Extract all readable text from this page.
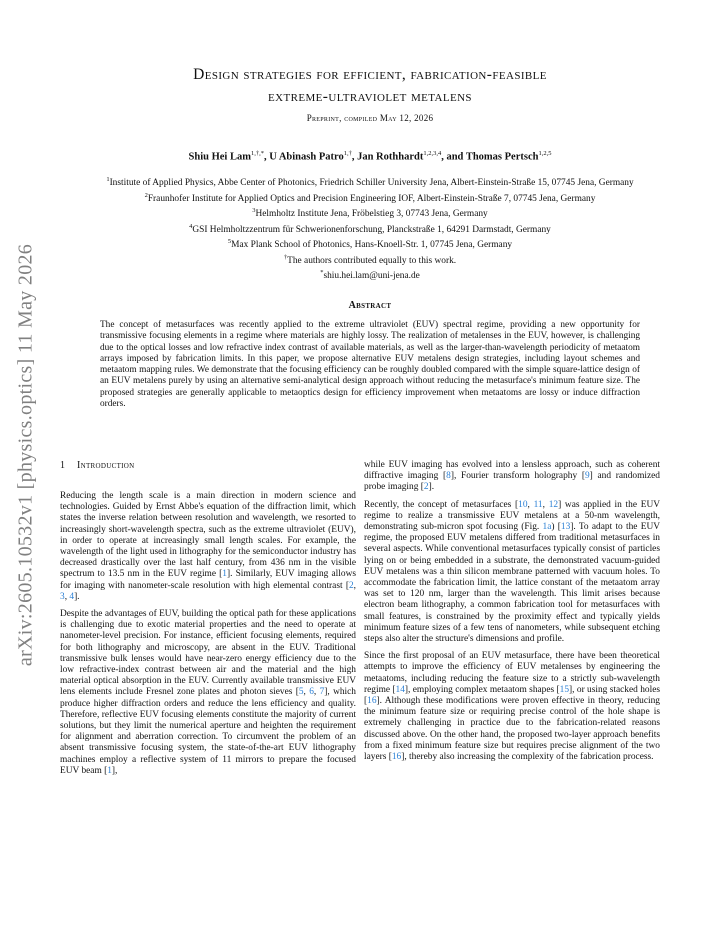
arXiv:2605.10532v1 [physics.optics] 11 May 2026
Design strategies for efficient, fabrication-feasible
extreme-ultraviolet metalens
Preprint, compiled May 12, 2026
Shiu Hei Lam$^{1,\dagger,*}$, U Abinash Patro$^{1,\dagger}$, Jan Rothhardt$^{1,2,3,4}$, and Thomas Pertsch$^{1,2,5}$
$^1$Institute of Applied Physics, Abbe Center of Photonics, Friedrich Schiller University Jena, Albert-Einstein-Straße 15, 07745 Jena, Germany
$^2$Fraunhofer Institute for Applied Optics and Precision Engineering IOF, Albert-Einstein-Straße 7, 07745 Jena, Germany
$^3$Helmholtz Institute Jena, Fröbelstieg 3, 07743 Jena, Germany
$^4$GSI Helmholtzzentrum für Schwerionenforschung, Planckstraße 1, 64291 Darmstadt, Germany
$^5$Max Plank School of Photonics, Hans-Knoell-Str. 1, 07745 Jena, Germany
†The authors contributed equally to this work.
*shiu.hei.lam@uni-jena.de
Abstract
The concept of metasurfaces was recently applied to the extreme ultraviolet (EUV) spectral regime, providing a new opportunity for transmissive focusing elements in a regime where materials are highly lossy. The realization of metalenses in the EUV, however, is challenging due to the optical losses and low refractive index contrast of available materials, as well as the larger-than-wavelength periodicity of metaatom arrays imposed by fabrication limits. In this paper, we propose alternative EUV metalens design strategies, including layout schemes and metaatom mapping rules. We demonstrate that the focusing efficiency can be roughly doubled compared with the simple square-lattice design of an EUV metalens purely by using an alternative semi-analytical design approach without reducing the metasurface's minimum feature size. The proposed strategies are generally applicable to metaoptics design for efficiency improvement when metaatoms are lossy or induce diffraction orders.
1 Introduction

Reducing the length scale is a main direction in modern science and technologies. Guided by Ernst Abbe's equation of the diffraction limit, which states the inverse relation between resolution and wavelength, we resorted to increasingly short-wavelength spectra, such as the extreme ultraviolet (EUV), in order to operate at increasingly small length scales. For example, the wavelength of the light used in lithography for the semiconductor industry has decreased drastically over the last half century, from 436 nm in the visible spectrum to 13.5 nm in the EUV regime [1]. Similarly, EUV imaging allows for imaging with nanometer-scale resolution with high elemental contrast [2, 3, 4].

Despite the advantages of EUV, building the optical path for these applications is challenging due to exotic material properties and the need to operate at nanometer-level precision. For instance, efficient focusing elements, required for both lithography and microscopy, are absent in the EUV. Traditional transmissive bulk lenses would have near-zero energy efficiency due to the low refractive-index contrast between air and the material and the high material optical absorption in the EUV. Currently available transmissive EUV lens elements include Fresnel zone plates and photon sieves [5, 6, 7], which produce higher diffraction orders and reduce the lens efficiency and quality. Therefore, reflective EUV focusing elements constitute the majority of current solutions, but they limit the numerical aperture and heighten the requirement for alignment and aberration correction. To circumvent the problem of an absent transmissive focusing system, the state-of-the-art EUV lithography machines employ a reflective system of 11 mirrors to prepare the focused EUV beam [1],

while EUV imaging has evolved into a lensless approach, such as coherent diffractive imaging [8], Fourier transform holography [9] and randomized probe imaging [2].

Recently, the concept of metasurfaces [10, 11, 12] was applied in the EUV regime to realize a transmissive EUV metalens at a 50-nm wavelength, demonstrating sub-micron spot focusing (Fig. 1a) [13]. To adapt to the EUV regime, the proposed EUV metalens differed from traditional metasurfaces in several aspects. While conventional metasurfaces typically consist of particles lying on or being embedded in a substrate, the demonstrated vacuum-guided EUV metalens was a thin silicon membrane patterned with vacuum holes. To accommodate the fabrication limit, the lattice constant of the metaatom array was set to 120 nm, larger than the wavelength. This limit arises because electron beam lithography, a common fabrication tool for metasurfaces with small features, is constrained by the proximity effect and typically yields minimum feature sizes of a few tens of nanometers, while subsequent etching steps also alter the structure's dimensions and profile.

Since the first proposal of an EUV metasurface, there have been theoretical attempts to improve the efficiency of EUV metalenses by engineering the metaatoms, including reducing the feature size to a strictly sub-wavelength regime [14], employing complex metaatom shapes [15], or using stacked holes [16]. Although these modifications were proven effective in theory, reducing the minimum feature size or requiring precise control of the hole shape is extremely challenging in practice due to the fabrication-related reasons discussed above. On the other hand, the proposed two-layer approach benefits from a fixed minimum feature size but requires precise alignment of the two layers [16], thereby also increasing the complexity of the fabrication process.
